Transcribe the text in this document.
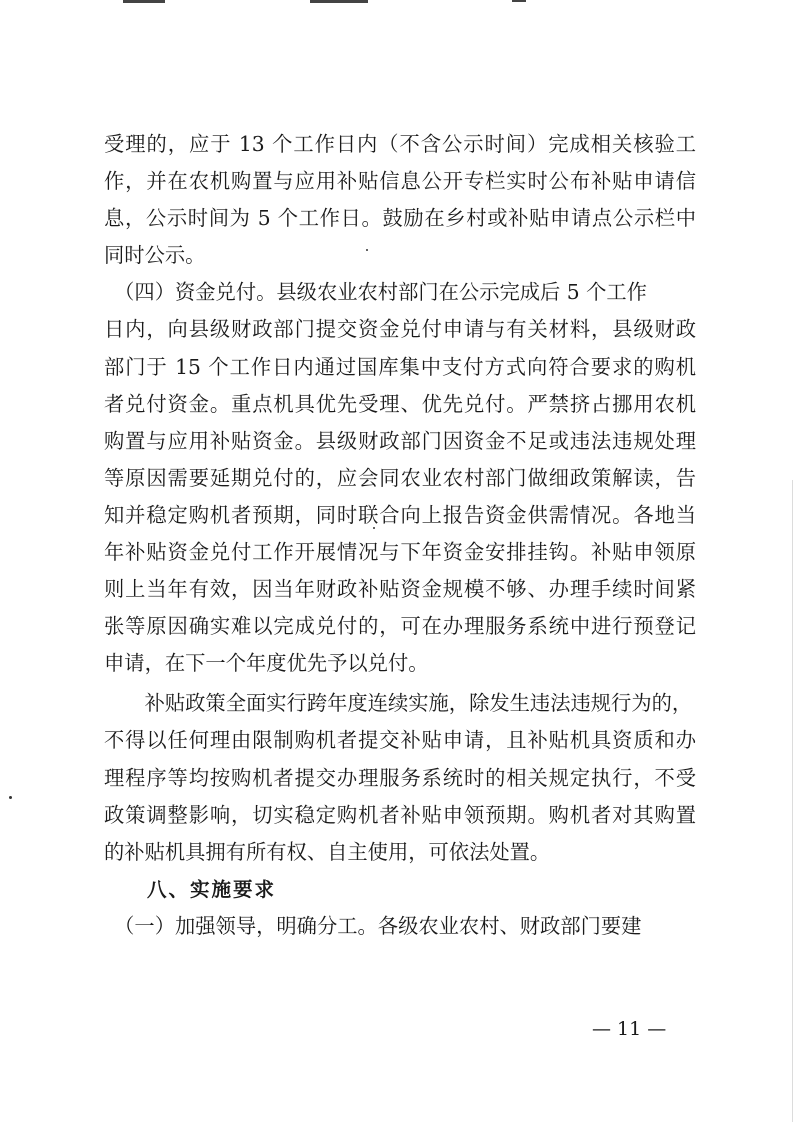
受理的，应于 13 个工作日内（不含公示时间）完成相关核验工
作，并在农机购置与应用补贴信息公开专栏实时公布补贴申请信
息，公示时间为 5 个工作日。鼓励在乡村或补贴申请点公示栏中
同时公示。
　（四）资金兑付。县级农业农村部门在公示完成后 5 个工作
日内，向县级财政部门提交资金兑付申请与有关材料，县级财政
部门于 15 个工作日内通过国库集中支付方式向符合要求的购机
者兑付资金。重点机具优先受理、优先兑付。严禁挤占挪用农机
购置与应用补贴资金。县级财政部门因资金不足或违法违规处理
等原因需要延期兑付的，应会同农业农村部门做细政策解读，告
知并稳定购机者预期，同时联合向上报告资金供需情况。各地当
年补贴资金兑付工作开展情况与下年资金安排挂钩。补贴申领原
则上当年有效，因当年财政补贴资金规模不够、办理手续时间紧
张等原因确实难以完成兑付的，可在办理服务系统中进行预登记
申请，在下一个年度优先予以兑付。
　　补贴政策全面实行跨年度连续实施，除发生违法违规行为的，
不得以任何理由限制购机者提交补贴申请，且补贴机具资质和办
理程序等均按购机者提交办理服务系统时的相关规定执行，不受
政策调整影响，切实稳定购机者补贴申领预期。购机者对其购置
的补贴机具拥有所有权、自主使用，可依法处置。
　　八、实施要求
　（一）加强领导，明确分工。各级农业农村、财政部门要建
— 11 —
